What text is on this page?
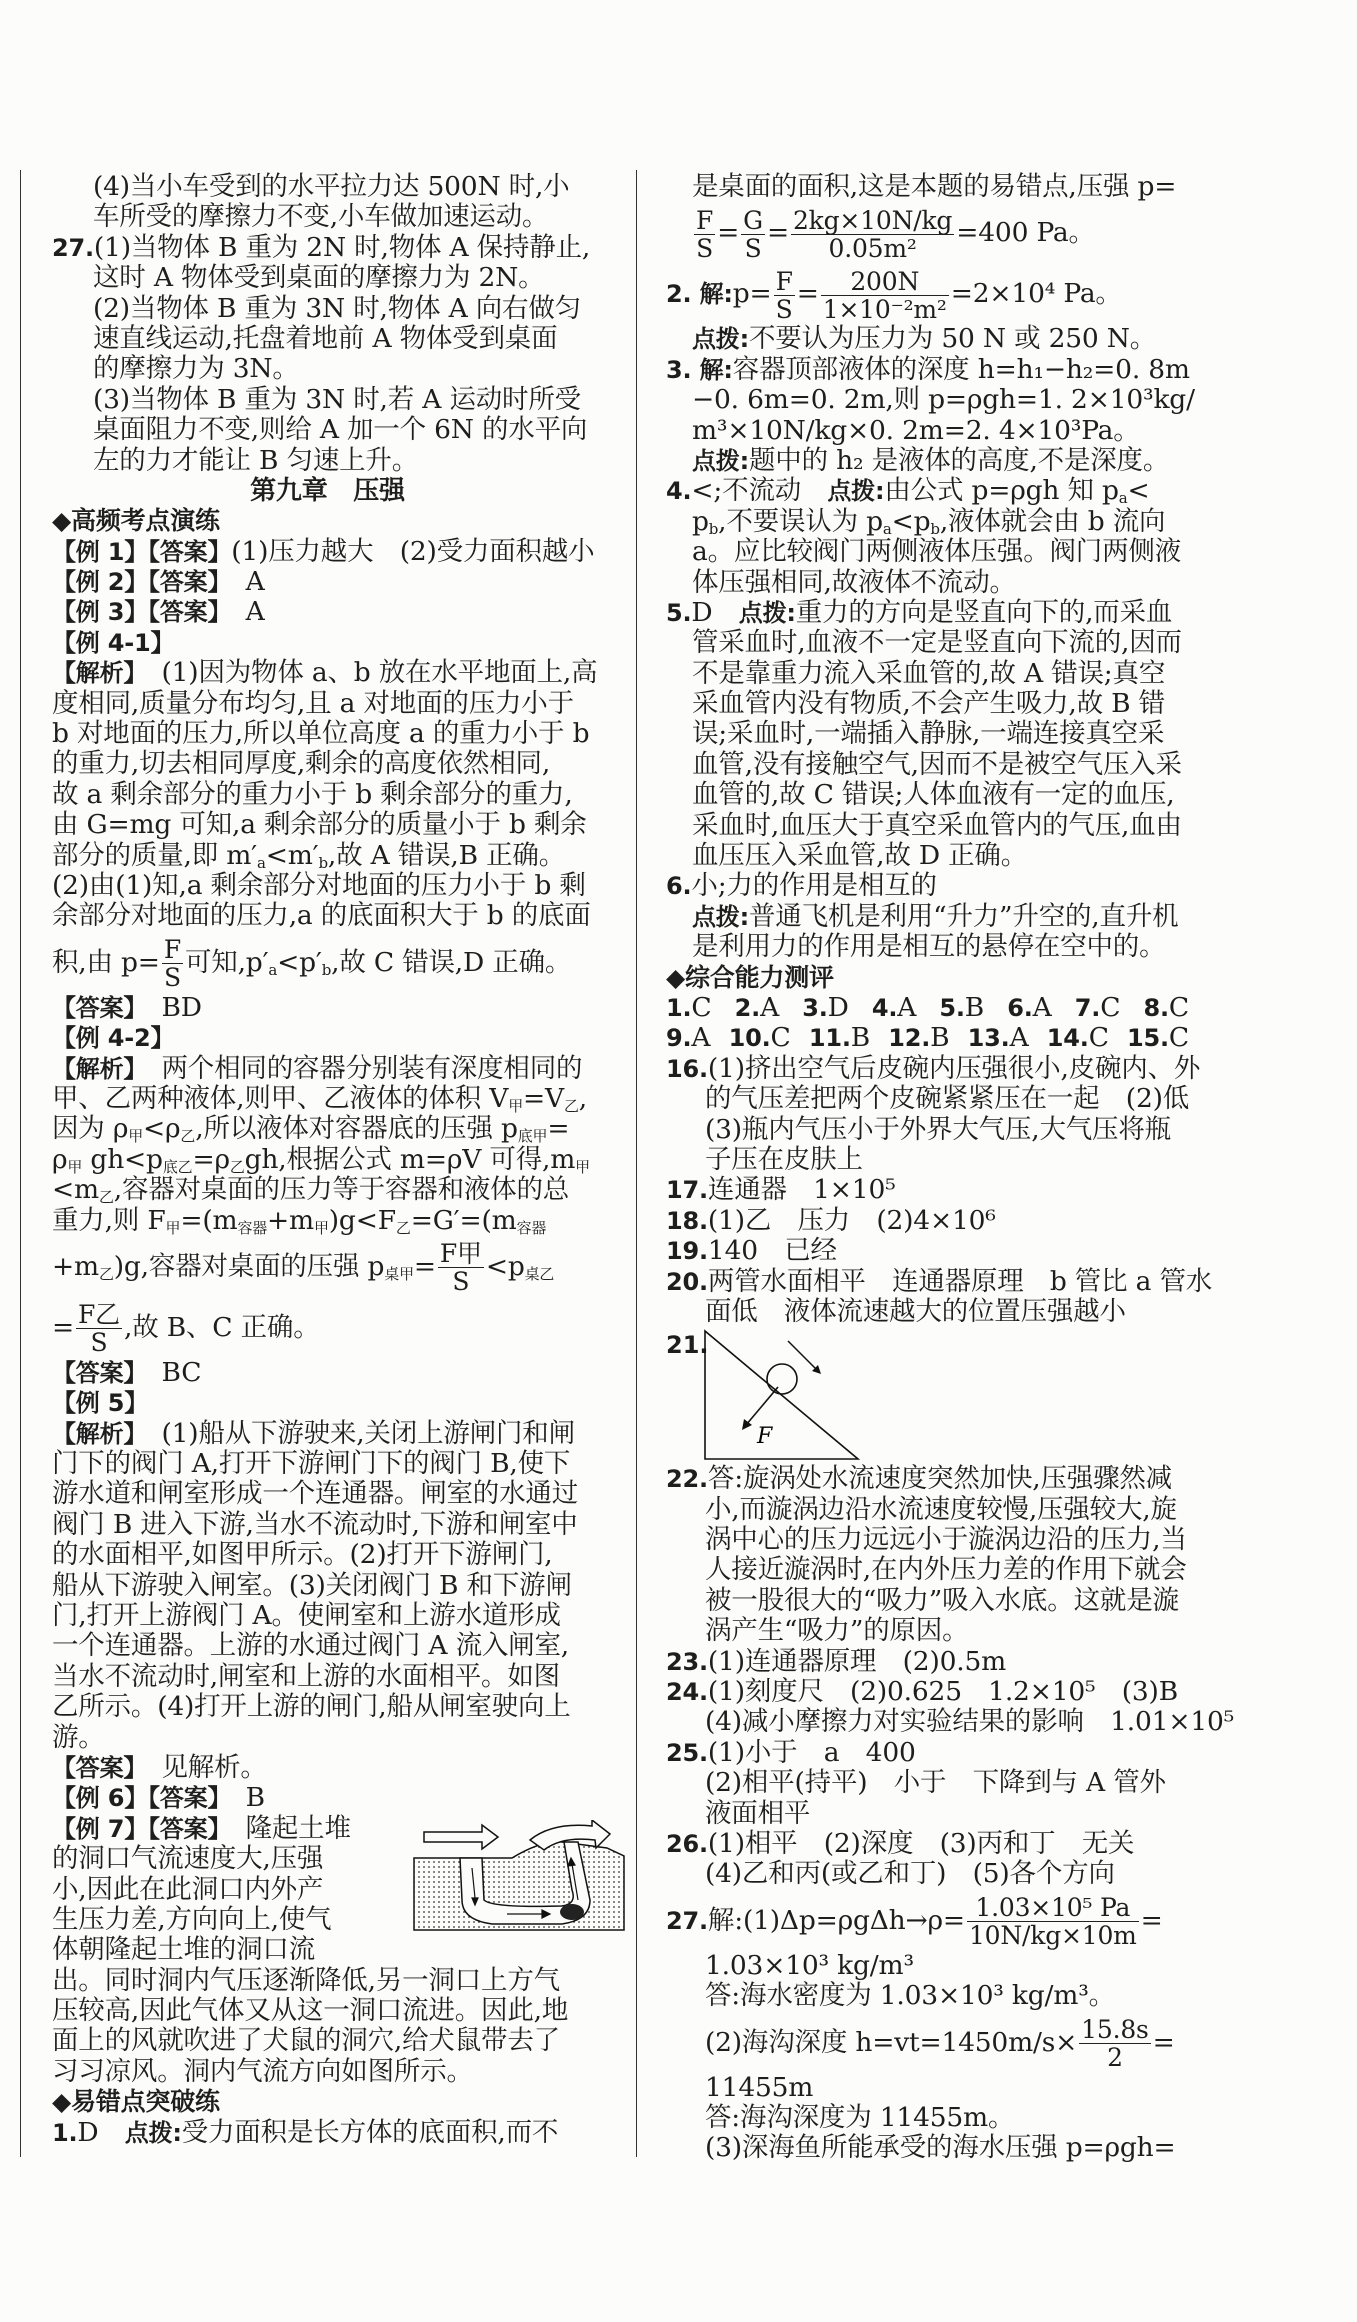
(4)当小车受到的水平拉力达 500N 时,小
车所受的摩擦力不变,小车做加速运动。
27.(1)当物体 B 重为 2N 时,物体 A 保持静止,
这时 A 物体受到桌面的摩擦力为 2N。
(2)当物体 B 重为 3N 时,物体 A 向右做匀
速直线运动,托盘着地前 A 物体受到桌面
的摩擦力为 3N。
(3)当物体 B 重为 3N 时,若 A 运动时所受
桌面阻力不变,则给 A 加一个 6N 的水平向
左的力才能让 B 匀速上升。
第九章　压强
◆高频考点演练
【例 1】【答案】(1)压力越大　(2)受力面积越小
【例 2】【答案】　A
【例 3】【答案】　A
【例 4-1】
【解析】　(1)因为物体 a、b 放在水平地面上,高
度相同,质量分布均匀,且 a 对地面的压力小于
b 对地面的压力,所以单位高度 a 的重力小于 b
的重力,切去相同厚度,剩余的高度依然相同,
故 a 剩余部分的重力小于 b 剩余部分的重力,
由 G=mg 可知,a 剩余部分的质量小于 b 剩余
部分的质量,即 $m'_a<m'_b$,故 A 错误,B 正确。
(2)由(1)知,a 剩余部分对地面的压力小于 b 剩
余部分对地面的压力,a 的底面积大于 b 的底面
积,由 $p= \frac{F}{S}$ 可知$,p'_a<p'_b$,故 C 错误,D 正确。
【答案】　BD
【例 4-2】
【解析】　两个相同的容器分别装有深度相同的
甲、乙两种液体,则甲、乙液体的体积 $V_甲=V_乙$,
因为 $\rho_甲<\rho_乙$,所以液体对容器底的压强 $p_{底甲}=$
$\rho_甲$ $gh<p_{底乙}=\rho_乙gh$,根据公式 m=ρV 可得$,m_甲$
$<m_乙$,容器对桌面的压力等于容器和液体的总
重力,则 $F_甲=(m_{容器}+m_甲)g<F_乙=G'=(m_{容器}$
$+m_乙)g$,容器对桌面的压强 $p_{桌甲}= \frac{\text{F甲}}{S} <p_{桌乙}$
= $\frac{\text{F乙}}{S}$ ,故 B、C 正确。
【答案】　BC
【例 5】
【解析】　(1)船从下游驶来,关闭上游闸门和闸
门下的阀门 A,打开下游闸门下的阀门 B,使下
游水道和闸室形成一个连通器。闸室的水通过
阀门 B 进入下游,当水不流动时,下游和闸室中
的水面相平,如图甲所示。(2)打开下游闸门,
船从下游驶入闸室。(3)关闭阀门 B 和下游闸
门,打开上游阀门 A。使闸室和上游水道形成
一个连通器。上游的水通过阀门 A 流入闸室,
当水不流动时,闸室和上游的水面相平。如图
乙所示。(4)打开上游的闸门,船从闸室驶向上
游。
【答案】　见解析。
【例 6】【答案】　B
【例 7】【答案】　隆起土堆
的洞口气流速度大,压强
小,因此在此洞口内外产
生压力差,方向向上,使气
体朝隆起土堆的洞口流
出。同时洞内气压逐渐降低,另一洞口上方气
压较高,因此气体又从这一洞口流进。因此,地
面上的风就吹进了犬鼠的洞穴,给犬鼠带去了
习习凉风。洞内气流方向如图所示。
◆易错点突破练
1.D　点拨:受力面积是长方体的底面积,而不
是桌面的面积,这是本题的易错点,压强 p=
$\frac{F}{S} = \frac{G}{S} = \frac{2kg\times 10N/kg}{\text{0.05m²}} =400$ Pa。
2. 解:p= $\frac{F}{S} = \frac{200N}{\text{1×10⁻²m²}} =2\times 10^4$ Pa。
点拨:不要认为压力为 50 N 或 250 N。
3. 解:容器顶部液体的深度 h=h₁−h₂=0. 8m
−0. 6m=0. 2m,则 p=ρgh=1. 2×10³kg/
m³×10N/kg×0. 2m=2. 4×10³Pa。
点拨:题中的 h₂ 是液体的高度,不是深度。
4.<;不流动　点拨:由公式 p=ρgh 知 $p_a<$
$p_b$,不要误认为 $p_a<p_b$,液体就会由 b 流向
a。应比较阀门两侧液体压强。阀门两侧液
体压强相同,故液体不流动。
5.D　点拨:重力的方向是竖直向下的,而采血
管采血时,血液不一定是竖直向下流的,因而
不是靠重力流入采血管的,故 A 错误;真空
采血管内没有物质,不会产生吸力,故 B 错
误;采血时,一端插入静脉,一端连接真空采
血管,没有接触空气,因而不是被空气压入采
血管的,故 C 错误;人体血液有一定的血压,
采血时,血压大于真空采血管内的气压,血由
血压压入采血管,故 D 正确。
6.小;力的作用是相互的
点拨:普通飞机是利用“升力”升空的,直升机
是利用力的作用是相互的悬停在空中的。
◆综合能力测评
1.C 2.A 3.D 4.A 5.B 6.A 7.C 8.C
9.A 10.C 11.B 12.B 13.A 14.C 15.C
16.(1)挤出空气后皮碗内压强很小,皮碗内、外
的气压差把两个皮碗紧紧压在一起　(2)低
(3)瓶内气压小于外界大气压,大气压将瓶
子压在皮肤上
17.连通器　1×10⁵
18.(1)乙　压力　(2)4×10⁶
19.140　已经
20.两管水面相平　连通器原理　b 管比 a 管水
面低　液体流速越大的位置压强越小
21.
F
22.答:旋涡处水流速度突然加快,压强骤然减
小,而漩涡边沿水流速度较慢,压强较大,旋
涡中心的压力远远小于漩涡边沿的压力,当
人接近漩涡时,在内外压力差的作用下就会
被一股很大的“吸力”吸入水底。这就是漩
涡产生“吸力”的原因。
23.(1)连通器原理　(2)0.5m
24.(1)刻度尺　(2)0.625　1.2×10⁵　(3)B
(4)减小摩擦力对实验结果的影响　1.01×10⁵
25.(1)小于　a　400
(2)相平(持平)　小于　下降到与 A 管外
液面相平
26.(1)相平　(2)深度　(3)丙和丁　无关
(4)乙和丙(或乙和丁)　(5)各个方向
27.解:(1)Δp=ρgΔh→ρ= $\frac{\text{1.03×10⁵ Pa}}{10N/kg\times 10m}$ =
1.03×10³ kg/m³
答:海水密度为 1.03×10³ kg/m³。
(2)海沟深度 $h=vt=1450m/s\times \frac{15.8s}{2}$ =
11455m
答:海沟深度为 11455m。
(3)深海鱼所能承受的海水压强 p=ρgh=
